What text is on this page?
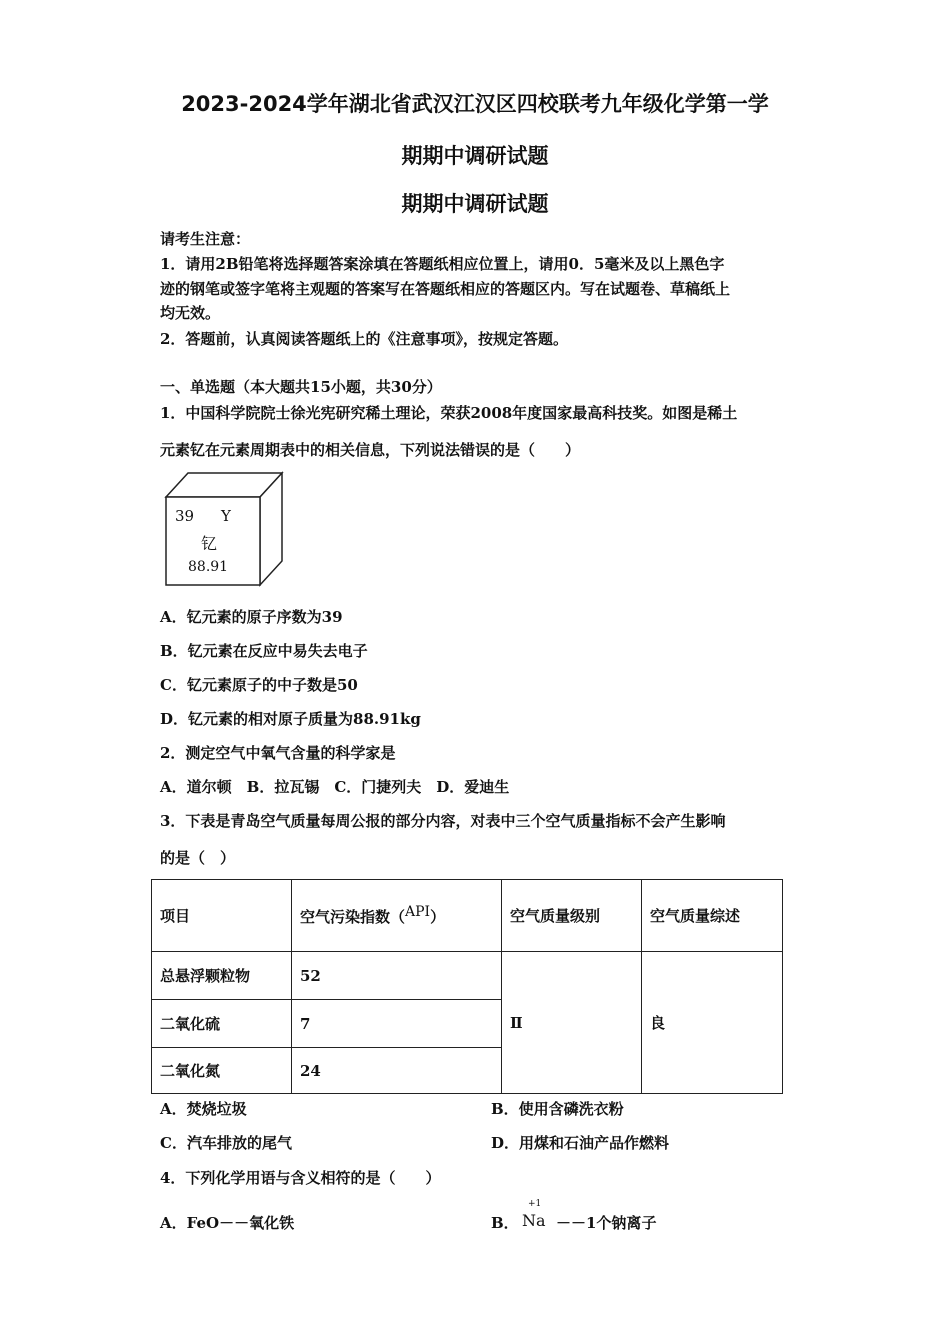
2023-2024学年湖北省武汉江汉区四校联考九年级化学第一学
期期中调研试题
期期中调研试题
请考生注意：
1．请用2B铅笔将选择题答案涂填在答题纸相应位置上，请用0．5毫米及以上黑色字
迹的钢笔或签字笔将主观题的答案写在答题纸相应的答题区内。写在试题卷、草稿纸上
均无效。
2．答题前，认真阅读答题纸上的《注意事项》，按规定答题。
一、单选题（本大题共15小题，共30分）
1．中国科学院院士徐光宪研究稀土理论，荣获2008年度国家最高科技奖。如图是稀土
元素钇在元素周期表中的相关信息，下列说法错误的是（　　）
39 Y
钇
88.91
A．钇元素的原子序数为39
B．钇元素在反应中易失去电子
C．钇元素原子的中子数是50
D．钇元素的相对原子质量为88.91kg
2．测定空气中氧气含量的科学家是
A．道尔顿　B．拉瓦锡　C．门捷列夫　D．爱迪生
3．下表是青岛空气质量每周公报的部分内容，对表中三个空气质量指标不会产生影响
的是（　）
项目	空气污染指数（$^{API}$）	空气质量级别	空气质量综述
总悬浮颗粒物	52	Ⅱ	良
二氧化硫	7		
二氧化氮	24		
A．焚烧垃圾	B．使用含磷洗衣粉
C．汽车排放的尾气	D．用煤和石油产品作燃料
4．下列化学用语与含义相符的是（　　）
A．FeO－－氧化铁	B．
+1
Na －－1个钠离子
